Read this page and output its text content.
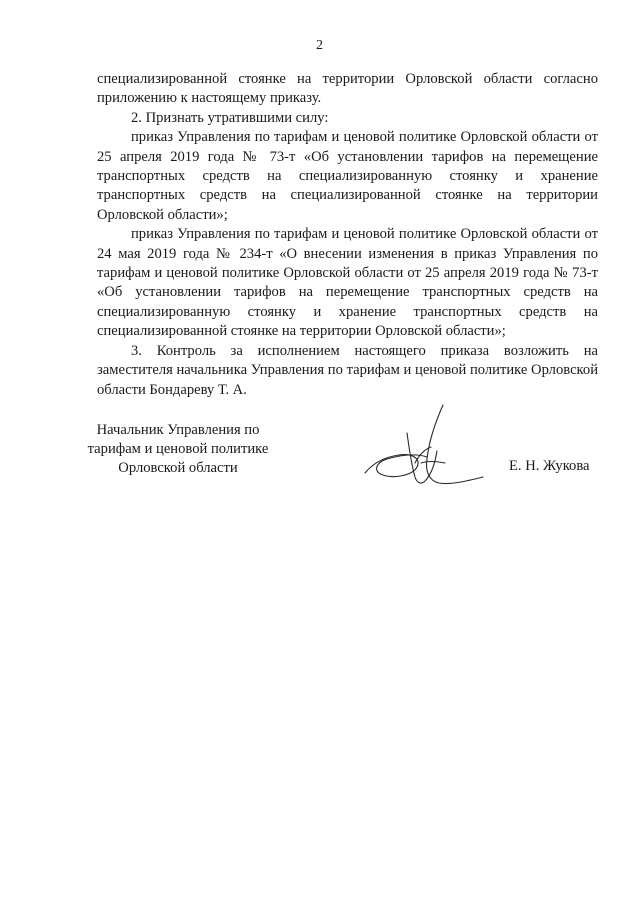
2

специализированной стоянке на территории Орловской области согласно приложению к настоящему приказу.

2. Признать утратившими силу:

приказ Управления по тарифам и ценовой политике Орловской области от 25 апреля 2019 года № 73-т «Об установлении тарифов на перемещение транспортных средств на специализированную стоянку и хранение транспортных средств на специализированной стоянке на территории Орловской области»;

приказ Управления по тарифам и ценовой политике Орловской области от 24 мая 2019 года № 234-т «О внесении изменения в приказ Управления по тарифам и ценовой политике Орловской области от 25 апреля 2019 года № 73-т «Об установлении тарифов на перемещение транспортных средств на специализированную стоянку и хранение транспортных средств на специализированной стоянке на территории Орловской области»;

3. Контроль за исполнением настоящего приказа возложить на заместителя начальника Управления по тарифам и ценовой политике Орловской области Бондареву Т. А.

Начальник Управления по
тарифам и ценовой политике
Орловской области	Е. Н. Жукова
